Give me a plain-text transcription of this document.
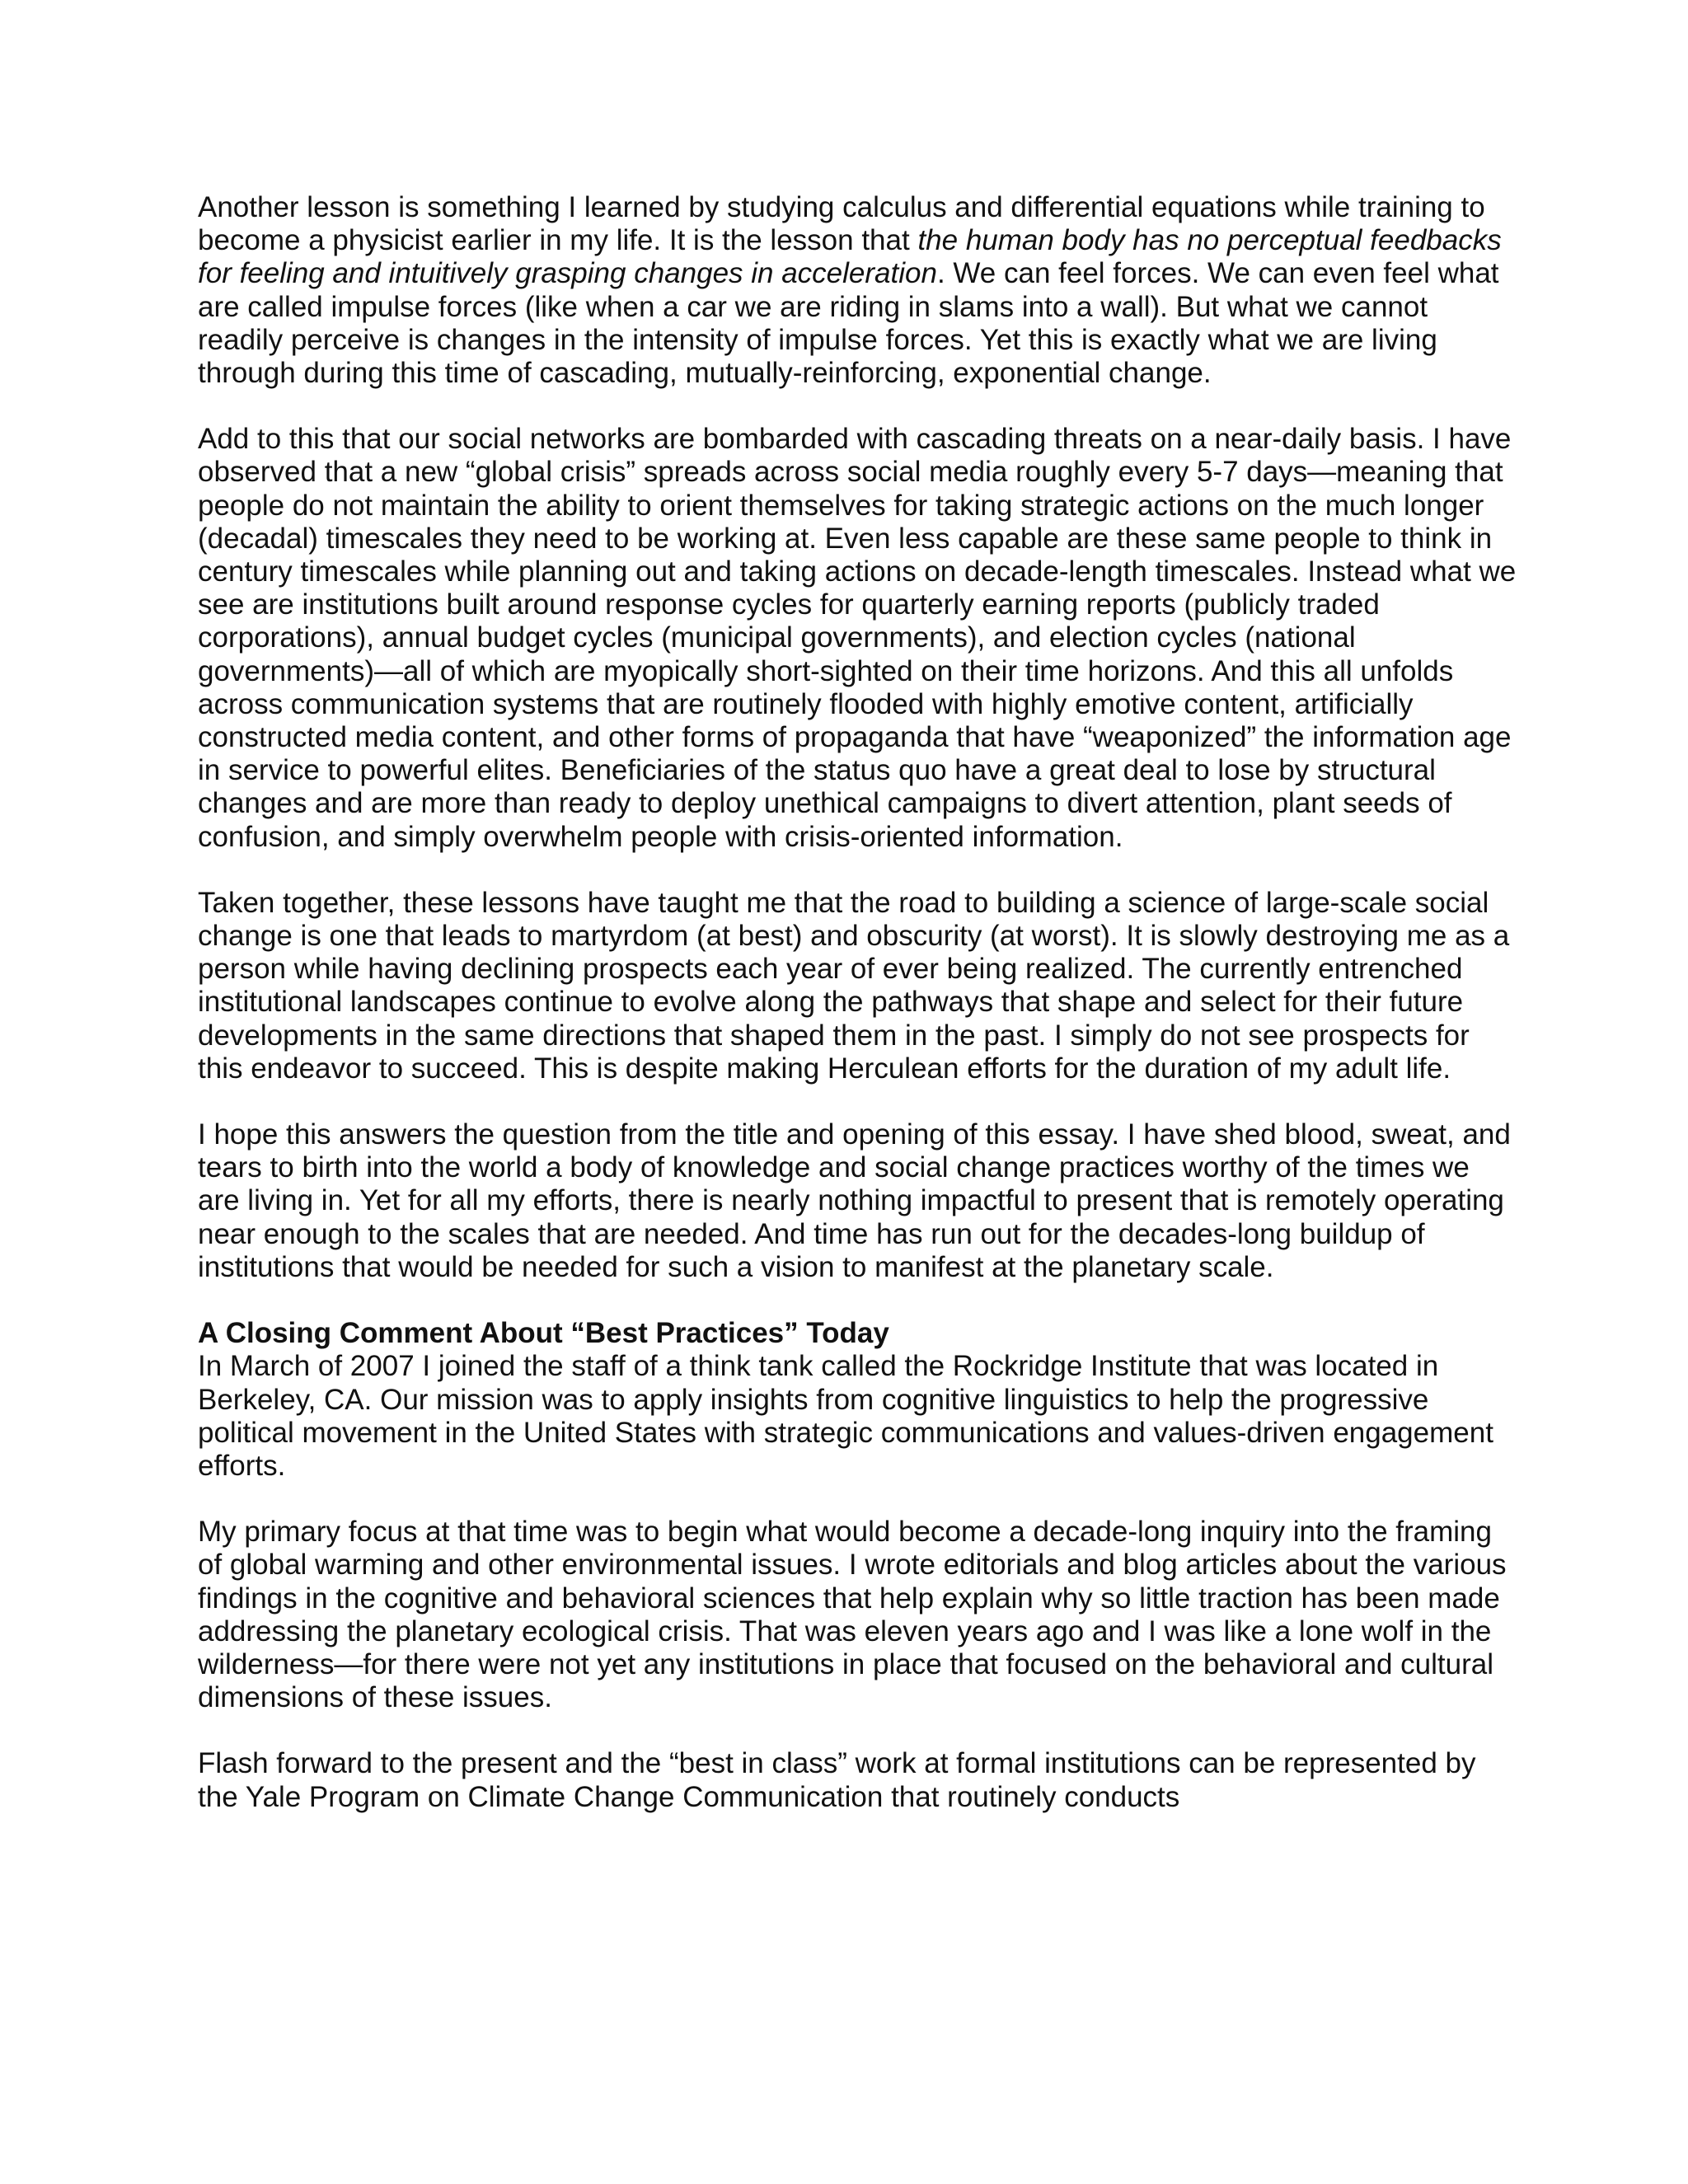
Another lesson is something I learned by studying calculus and differential equations while training to become a physicist earlier in my life. It is the lesson that the human body has no perceptual feedbacks for feeling and intuitively grasping changes in acceleration. We can feel forces. We can even feel what are called impulse forces (like when a car we are riding in slams into a wall). But what we cannot readily perceive is changes in the intensity of impulse forces. Yet this is exactly what we are living through during this time of cascading, mutually-reinforcing, exponential change.

Add to this that our social networks are bombarded with cascading threats on a near-daily basis. I have observed that a new “global crisis” spreads across social media roughly every 5-7 days—meaning that people do not maintain the ability to orient themselves for taking strategic actions on the much longer (decadal) timescales they need to be working at. Even less capable are these same people to think in century timescales while planning out and taking actions on decade-length timescales. Instead what we see are institutions built around response cycles for quarterly earning reports (publicly traded corporations), annual budget cycles (municipal governments), and election cycles (national governments)—all of which are myopically short-sighted on their time horizons. And this all unfolds across communication systems that are routinely flooded with highly emotive content, artificially constructed media content, and other forms of propaganda that have “weaponized” the information age in service to powerful elites. Beneficiaries of the status quo have a great deal to lose by structural changes and are more than ready to deploy unethical campaigns to divert attention, plant seeds of confusion, and simply overwhelm people with crisis-oriented information.

Taken together, these lessons have taught me that the road to building a science of large-scale social change is one that leads to martyrdom (at best) and obscurity (at worst). It is slowly destroying me as a person while having declining prospects each year of ever being realized. The currently entrenched institutional landscapes continue to evolve along the pathways that shape and select for their future developments in the same directions that shaped them in the past. I simply do not see prospects for this endeavor to succeed. This is despite making Herculean efforts for the duration of my adult life.

I hope this answers the question from the title and opening of this essay. I have shed blood, sweat, and tears to birth into the world a body of knowledge and social change practices worthy of the times we are living in. Yet for all my efforts, there is nearly nothing impactful to present that is remotely operating near enough to the scales that are needed. And time has run out for the decades-long buildup of institutions that would be needed for such a vision to manifest at the planetary scale.

A Closing Comment About “Best Practices” Today

In March of 2007 I joined the staff of a think tank called the Rockridge Institute that was located in Berkeley, CA. Our mission was to apply insights from cognitive linguistics to help the progressive political movement in the United States with strategic communications and values-driven engagement efforts.

My primary focus at that time was to begin what would become a decade-long inquiry into the framing of global warming and other environmental issues. I wrote editorials and blog articles about the various findings in the cognitive and behavioral sciences that help explain why so little traction has been made addressing the planetary ecological crisis. That was eleven years ago and I was like a lone wolf in the wilderness—for there were not yet any institutions in place that focused on the behavioral and cultural dimensions of these issues.

Flash forward to the present and the “best in class” work at formal institutions can be represented by the Yale Program on Climate Change Communication that routinely conducts
